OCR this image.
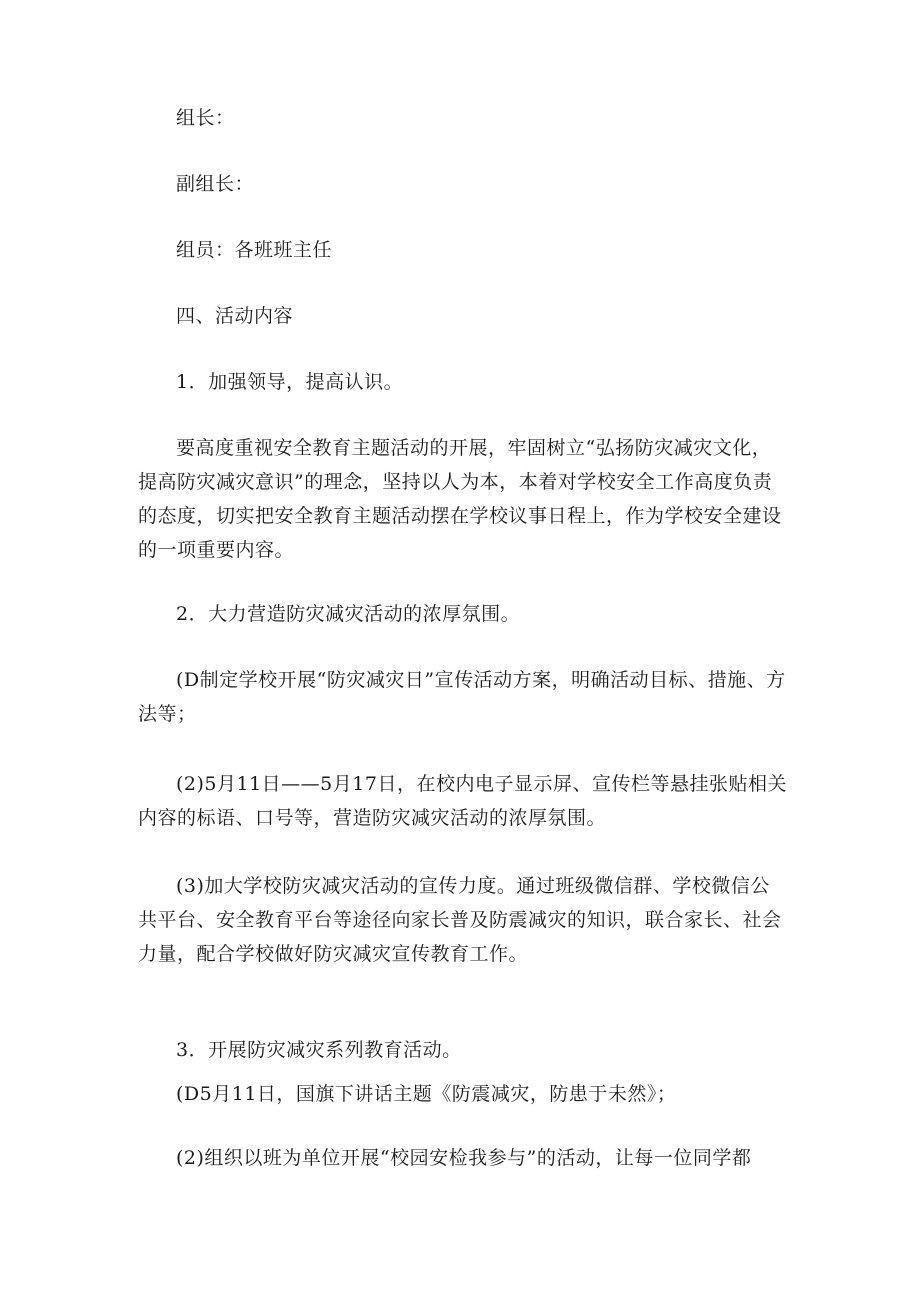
组长：
副组长：
组员：各班班主任
四、活动内容
1．加强领导，提高认识。
要高度重视安全教育主题活动的开展，牢固树立“弘扬防灾减灾文化，提高防灾减灾意识”的理念，坚持以人为本，本着对学校安全工作高度负责的态度，切实把安全教育主题活动摆在学校议事日程上，作为学校安全建设的一项重要内容。
2．大力营造防灾减灾活动的浓厚氛围。
(D制定学校开展“防灾减灾日”宣传活动方案，明确活动目标、措施、方法等；
(2)5月11日——5月17日，在校内电子显示屏、宣传栏等悬挂张贴相关内容的标语、口号等，营造防灾减灾活动的浓厚氛围。
(3)加大学校防灾减灾活动的宣传力度。通过班级微信群、学校微信公共平台、安全教育平台等途径向家长普及防震减灾的知识，联合家长、社会力量，配合学校做好防灾减灾宣传教育工作。
3．开展防灾减灾系列教育活动。
(D5月11日，国旗下讲话主题《防震减灾，防患于未然》；
(2)组织以班为单位开展“校园安检我参与”的活动，让每一位同学都
